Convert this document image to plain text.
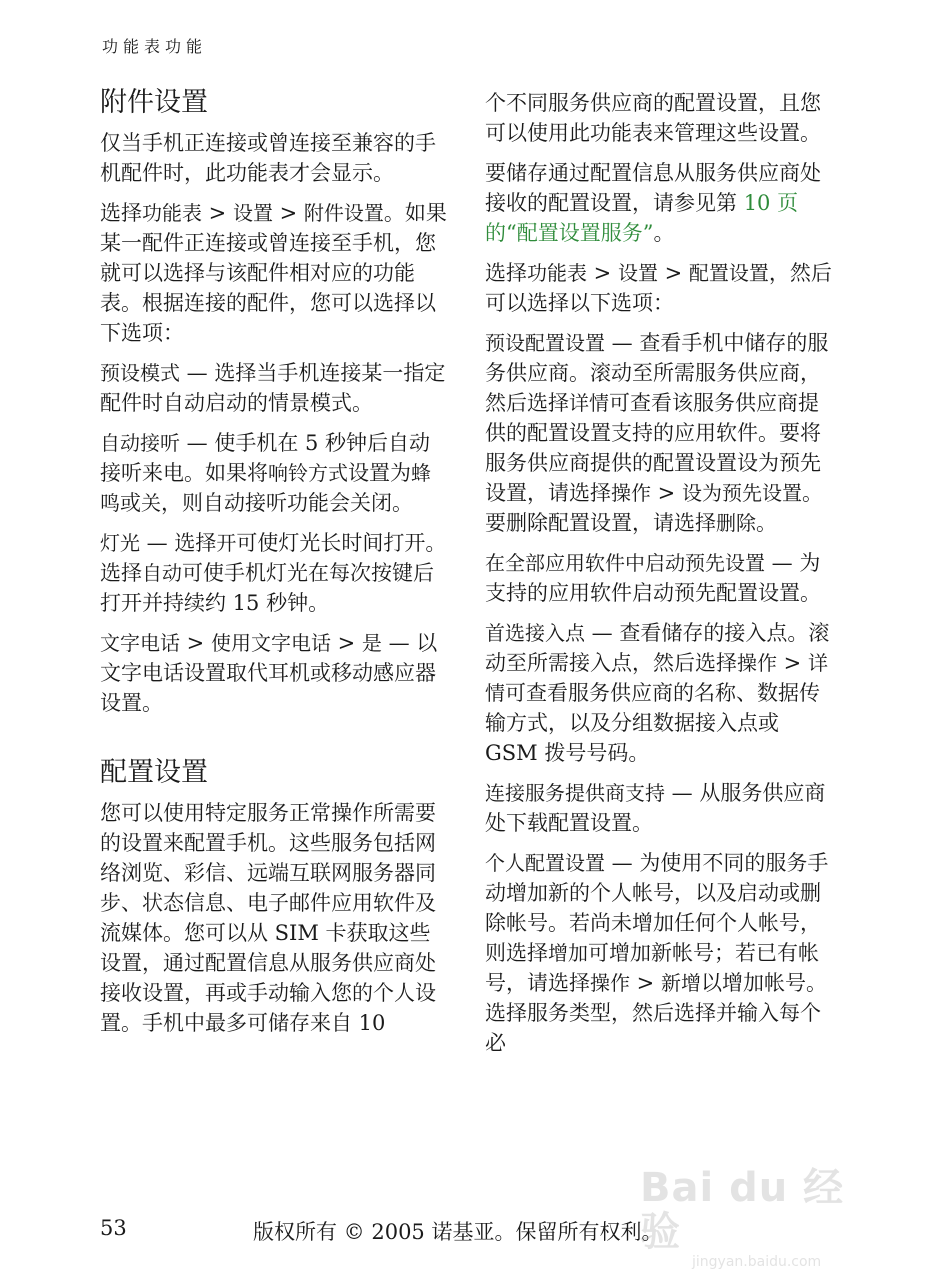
功能表功能
附件设置

仅当手机正连接或曾连接至兼容的手机配件时，此功能表才会显示。

选择功能表 > 设置 > 附件设置。如果某一配件正连接或曾连接至手机，您就可以选择与该配件相对应的功能表。根据连接的配件，您可以选择以下选项：

预设模式 — 选择当手机连接某一指定配件时自动启动的情景模式。

自动接听 — 使手机在 5 秒钟后自动接听来电。如果将响铃方式设置为蜂鸣或关，则自动接听功能会关闭。

灯光 — 选择开可使灯光长时间打开。选择自动可使手机灯光在每次按键后打开并持续约 15 秒钟。

文字电话 > 使用文字电话 > 是 — 以文字电话设置取代耳机或移动感应器设置。

配置设置

您可以使用特定服务正常操作所需要的设置来配置手机。这些服务包括网络浏览、彩信、远端互联网服务器同步、状态信息、电子邮件应用软件及流媒体。您可以从 SIM 卡获取这些设置，通过配置信息从服务供应商处接收设置，再或手动输入您的个人设置。手机中最多可储存来自 10

个不同服务供应商的配置设置，且您可以使用此功能表来管理这些设置。

要储存通过配置信息从服务供应商处接收的配置设置，请参见第 10 页的“配置设置服务”。

选择功能表 > 设置 > 配置设置，然后可以选择以下选项：

预设配置设置 — 查看手机中储存的服务供应商。滚动至所需服务供应商，然后选择详情可查看该服务供应商提供的配置设置支持的应用软件。要将服务供应商提供的配置设置设为预先设置，请选择操作 > 设为预先设置。要删除配置设置，请选择删除。

在全部应用软件中启动预先设置 — 为支持的应用软件启动预先配置设置。

首选接入点 — 查看储存的接入点。滚动至所需接入点，然后选择操作 > 详情可查看服务供应商的名称、数据传输方式，以及分组数据接入点或 GSM 拨号号码。

连接服务提供商支持 — 从服务供应商处下载配置设置。

个人配置设置 — 为使用不同的服务手动增加新的个人帐号，以及启动或删除帐号。若尚未增加任何个人帐号，则选择增加可增加新帐号；若已有帐号，请选择操作 > 新增以增加帐号。选择服务类型，然后选择并输入每个必

Bai du 经验
jingyan.baidu.com
53	版权所有 © 2005 诺基亚。保留所有权利。
